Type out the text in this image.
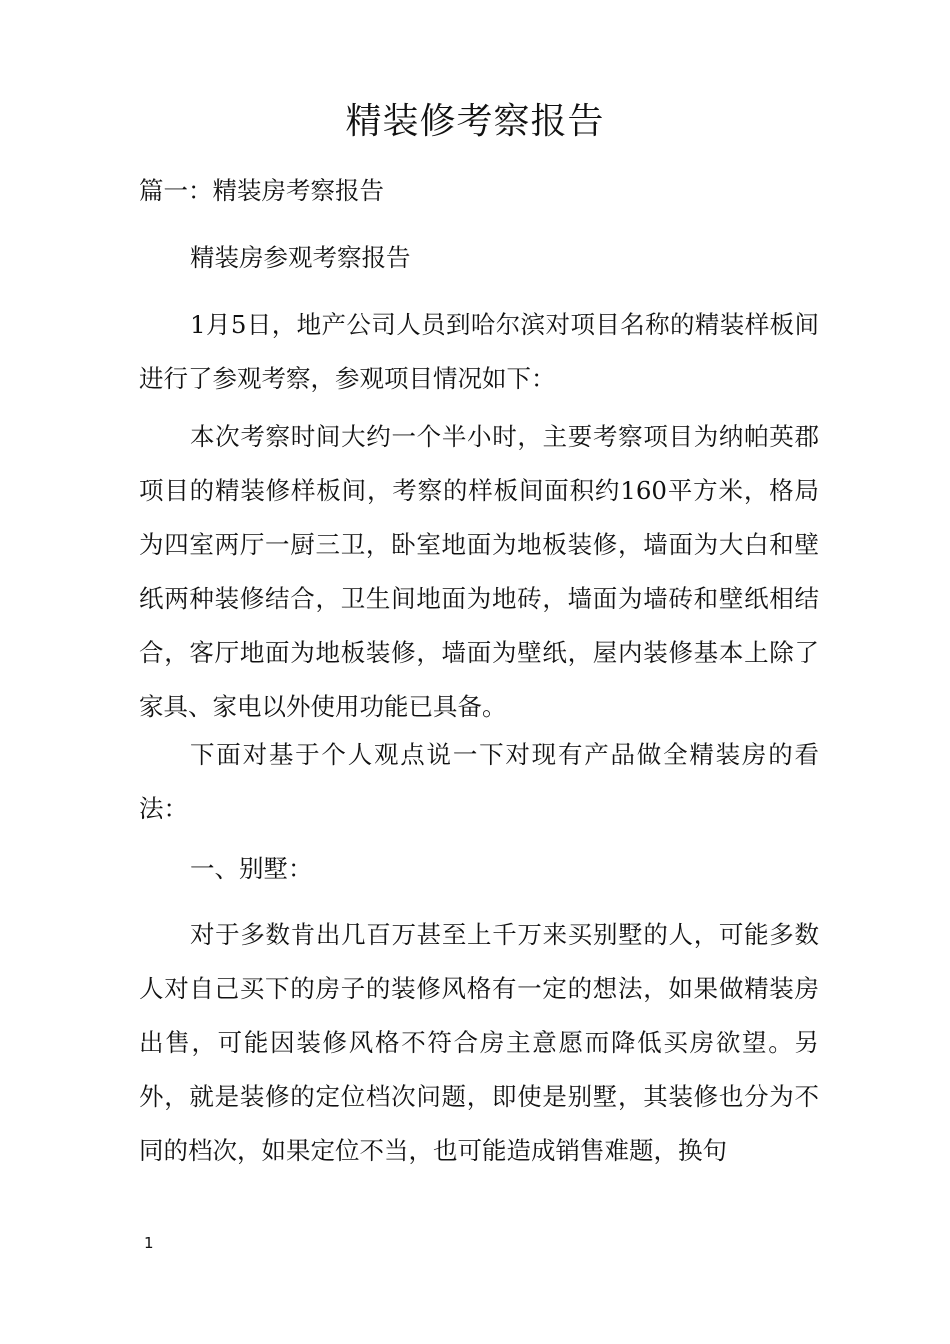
精装修考察报告

篇一：精装房考察报告

精装房参观考察报告

1月5日，地产公司人员到哈尔滨对项目名称的精装样板间进行了参观考察，参观项目情况如下：

本次考察时间大约一个半小时，主要考察项目为纳帕英郡项目的精装修样板间，考察的样板间面积约160平方米，格局为四室两厅一厨三卫，卧室地面为地板装修，墙面为大白和壁纸两种装修结合，卫生间地面为地砖，墙面为墙砖和壁纸相结合，客厅地面为地板装修，墙面为壁纸，屋内装修基本上除了家具、家电以外使用功能已具备。

下面对基于个人观点说一下对现有产品做全精装房的看法：

一、别墅：

对于多数肯出几百万甚至上千万来买别墅的人，可能多数人对自己买下的房子的装修风格有一定的想法，如果做精装房出售，可能因装修风格不符合房主意愿而降低买房欲望。另外，就是装修的定位档次问题，即使是别墅，其装修也分为不同的档次，如果定位不当，也可能造成销售难题，换句

1
